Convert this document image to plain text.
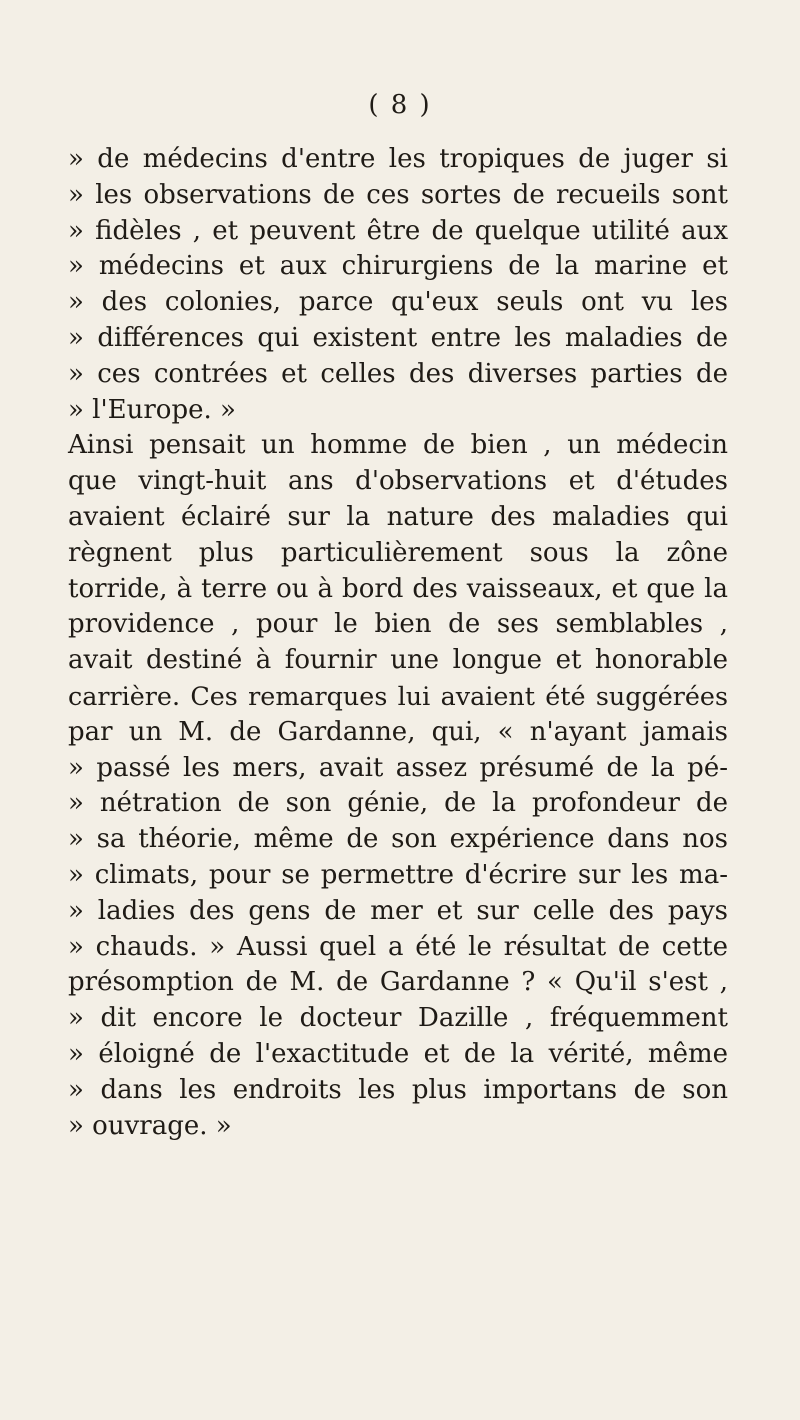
( 8 )
» de médecins d'entre les tropiques de juger si
» les observations de ces sortes de recueils sont
» fidèles , et peuvent être de quelque utilité aux
» médecins et aux chirurgiens de la marine et
» des colonies, parce qu'eux seuls ont vu les
» différences qui existent entre les maladies de
» ces contrées et celles des diverses parties de
» l'Europe. »
Ainsi pensait un homme de bien , un médecin
que vingt-huit ans d'observations et d'études
avaient éclairé sur la nature des maladies qui
règnent plus particulièrement sous la zône
torride, à terre ou à bord des vaisseaux, et que la
providence , pour le bien de ses semblables ,
avait destiné à fournir une longue et honorable
carrière. Ces remarques lui avaient été suggérées
par un M. de Gardanne, qui, « n'ayant jamais
» passé les mers, avait assez présumé de la pé-
» nétration de son génie, de la profondeur de
» sa théorie, même de son expérience dans nos
» climats, pour se permettre d'écrire sur les ma-
» ladies des gens de mer et sur celle des pays
» chauds. » Aussi quel a été le résultat de cette
présomption de M. de Gardanne ? « Qu'il s'est ,
» dit encore le docteur Dazille , fréquemment
» éloigné de l'exactitude et de la vérité, même
» dans les endroits les plus importans de son
» ouvrage. »
